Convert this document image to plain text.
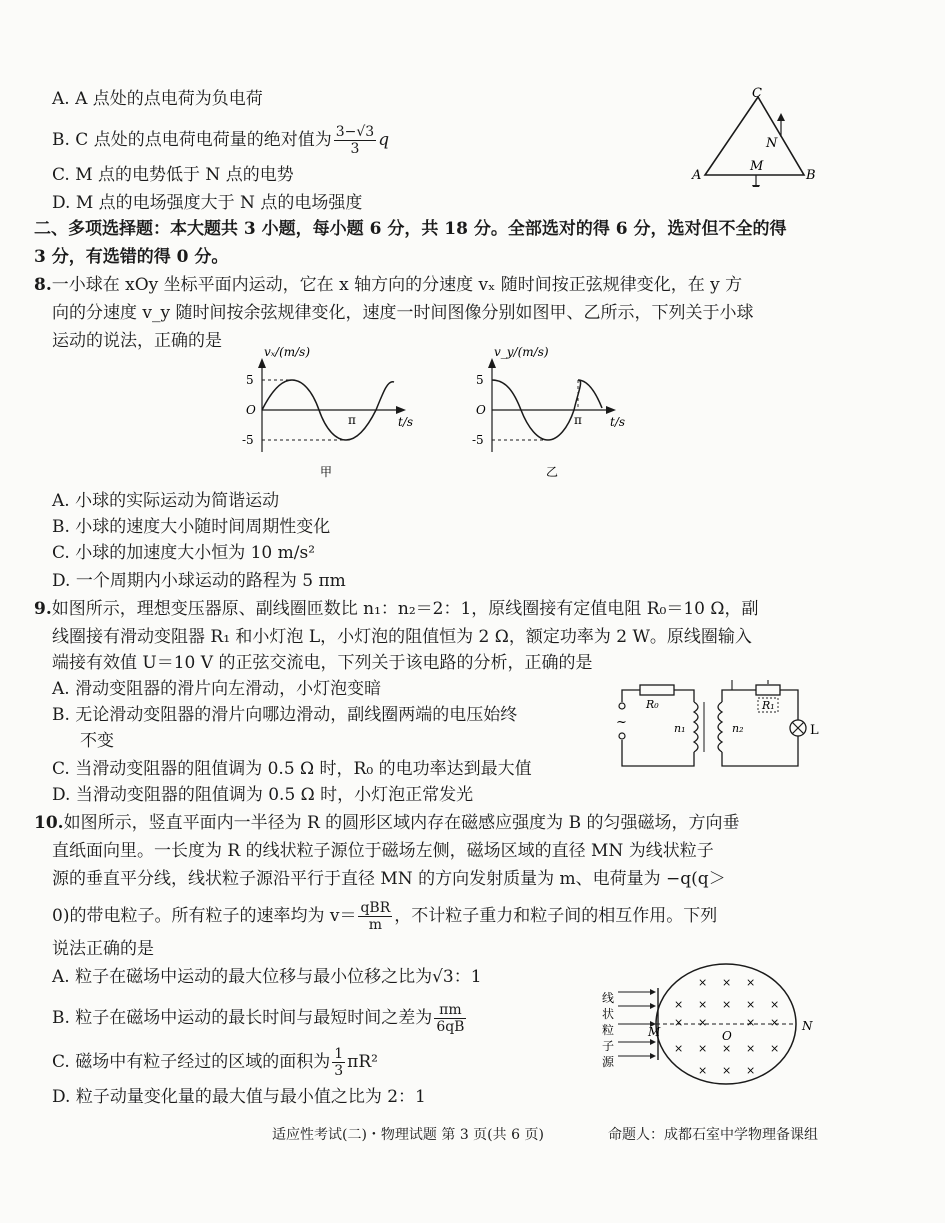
A. A 点处的点电荷为负电荷
B. C 点处的点电荷电荷量的绝对值为 $\frac{3-√3}{3}$ q
C. M 点的电势低于 N 点的电势
D. M 点的电场强度大于 N 点的电场强度
C
A	B
M
N
二、多项选择题：本大题共 3 小题，每小题 6 分，共 18 分。全部选对的得 6 分，选对但不全的得
3 分，有选错的得 0 分。
8.一小球在 xOy 坐标平面内运动，它在 x 轴方向的分速度 vₓ 随时间按正弦规律变化，在 y 方
向的分速度 v_y 随时间按余弦规律变化，速度一时间图像分别如图甲、乙所示，下列关于小球
运动的说法，正确的是
vₓ/(m/s)
5
-5
O
π	t/s
甲
v_y/(m/s)
5
-5
O
π t/s
乙
A. 小球的实际运动为简谐运动
B. 小球的速度大小随时间周期性变化
C. 小球的加速度大小恒为 10 m/s²
D. 一个周期内小球运动的路程为 5 πm
9.如图所示，理想变压器原、副线圈匝数比 n₁：n₂＝2：1，原线圈接有定值电阻 R₀＝10 Ω，副
线圈接有滑动变阻器 R₁ 和小灯泡 L，小灯泡的阻值恒为 2 Ω，额定功率为 2 W。原线圈输入
端接有效值 U＝10 V 的正弦交流电，下列关于该电路的分析，正确的是
A. 滑动变阻器的滑片向左滑动，小灯泡变暗
B. 无论滑动变阻器的滑片向哪边滑动，副线圈两端的电压始终
不变
C. 当滑动变阻器的阻值调为 0.5 Ω 时，R₀ 的电功率达到最大值
D. 当滑动变阻器的阻值调为 0.5 Ω 时，小灯泡正常发光
~
R₀
n₁
R₁
n₂	L
10.如图所示，竖直平面内一半径为 R 的圆形区域内存在磁感应强度为 B 的匀强磁场，方向垂
直纸面向里。一长度为 R 的线状粒子源位于磁场左侧，磁场区域的直径 MN 为线状粒子
源的垂直平分线，线状粒子源沿平行于直径 MN 的方向发射质量为 m、电荷量为 −q(q＞
0)的带电粒子。所有粒子的速率均为 $v= \frac{\text{qBR}}{m}$ ，不计粒子重力和粒子间的相互作用。下列
说法正确的是
A. 粒子在磁场中运动的最大位移与最小位移之比为√3：1
B. 粒子在磁场中运动的最长时间与最短时间之差为 $\frac{\pi m}{6qB}$
C. 磁场中有粒子经过的区域的面积为 $\frac{1}{3} \pi R^2$
D. 粒子动量变化量的最大值与最小值之比为 2：1
线
状
粒
子
源
× × ×
× × × × ×
× ×	× ×
× × × × ×
× × ×
M	O
N
适应性考试(二)・物理试题 第 3 页(共 6 页)	命题人：成都石室中学物理备课组
